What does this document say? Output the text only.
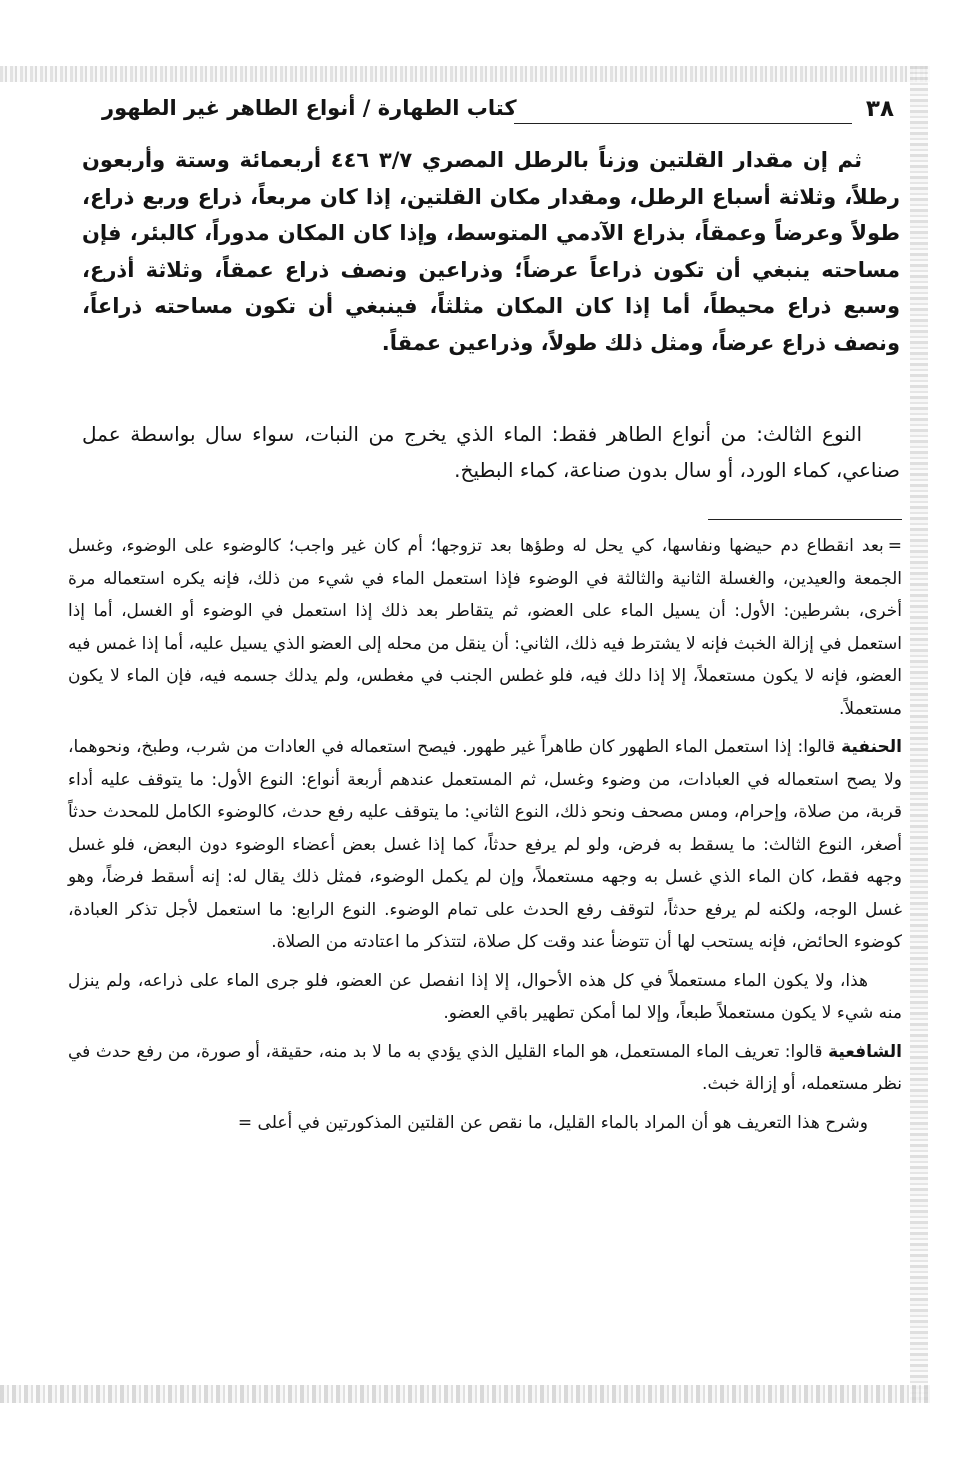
٣٨
كتاب الطهارة / أنواع الطاهر غير الطهور

ثم إن مقدار القلتين وزناً بالرطل المصري ٣/٧ ٤٤٦ أربعمائة وستة وأربعون رطلاً، وثلاثة أسباع الرطل، ومقدار مكان القلتين، إذا كان مربعاً، ذراع وربع ذراع، طولاً وعرضاً وعمقاً، بذراع الآدمي المتوسط، وإذا كان المكان مدوراً، كالبئر، فإن مساحته ينبغي أن تكون ذراعاً عرضاً؛ وذراعين ونصف ذراع عمقاً، وثلاثة أذرع، وسبع ذراع محيطاً، أما إذا كان المكان مثلثاً، فينبغي أن تكون مساحته ذراعاً، ونصف ذراع عرضاً، ومثل ذلك طولاً، وذراعين عمقاً.

النوع الثالث: من أنواع الطاهر فقط: الماء الذي يخرج من النبات، سواء سال بواسطة عمل صناعي، كماء الورد، أو سال بدون صناعة، كماء البطيخ.

=بعد انقطاع دم حيضها ونفاسها، كي يحل له وطؤها بعد تزوجها؛ أم كان غير واجب؛ كالوضوء على الوضوء، وغسل الجمعة والعيدين، والغسلة الثانية والثالثة في الوضوء فإذا استعمل الماء في شيء من ذلك، فإنه يكره استعماله مرة أخرى، بشرطين: الأول: أن يسيل الماء على العضو، ثم يتقاطر بعد ذلك إذا استعمل في الوضوء أو الغسل، أما إذا استعمل في إزالة الخبث فإنه لا يشترط فيه ذلك، الثاني: أن ينقل من محله إلى العضو الذي يسيل عليه، أما إذا غمس فيه العضو، فإنه لا يكون مستعملاً، إلا إذا دلك فيه، فلو غطس الجنب في مغطس، ولم يدلك جسمه فيه، فإن الماء لا يكون مستعملاً.

الحنفية قالوا: إذا استعمل الماء الطهور كان طاهراً غير طهور. فيصح استعماله في العادات من شرب، وطبخ، ونحوهما، ولا يصح استعماله في العبادات، من وضوء وغسل، ثم المستعمل عندهم أربعة أنواع: النوع الأول: ما يتوقف عليه أداء قربة، من صلاة، وإحرام، ومس مصحف ونحو ذلك، النوع الثاني: ما يتوقف عليه رفع حدث، كالوضوء الكامل للمحدث حدثاً أصغر، النوع الثالث: ما يسقط به فرض، ولو لم يرفع حدثاً، كما إذا غسل بعض أعضاء الوضوء دون البعض، فلو غسل وجهه فقط، كان الماء الذي غسل به وجهه مستعملاً، وإن لم يكمل الوضوء، فمثل ذلك يقال له: إنه أسقط فرضاً، وهو غسل الوجه، ولكنه لم يرفع حدثاً، لتوقف رفع الحدث على تمام الوضوء. النوع الرابع: ما استعمل لأجل تذكر العبادة، كوضوء الحائض، فإنه يستحب لها أن تتوضأ عند وقت كل صلاة، لتتذكر ما اعتادته من الصلاة.

هذا، ولا يكون الماء مستعملاً في كل هذه الأحوال، إلا إذا انفصل عن العضو، فلو جرى الماء على ذراعه، ولم ينزل منه شيء لا يكون مستعملاً طبعاً، وإلا لما أمكن تطهير باقي العضو.

الشافعية قالوا: تعريف الماء المستعمل، هو الماء القليل الذي يؤدي به ما لا بد منه، حقيقة، أو صورة، من رفع حدث في نظر مستعمله، أو إزالة خبث.

وشرح هذا التعريف هو أن المراد بالماء القليل، ما نقص عن القلتين المذكورتين في أعلى =
